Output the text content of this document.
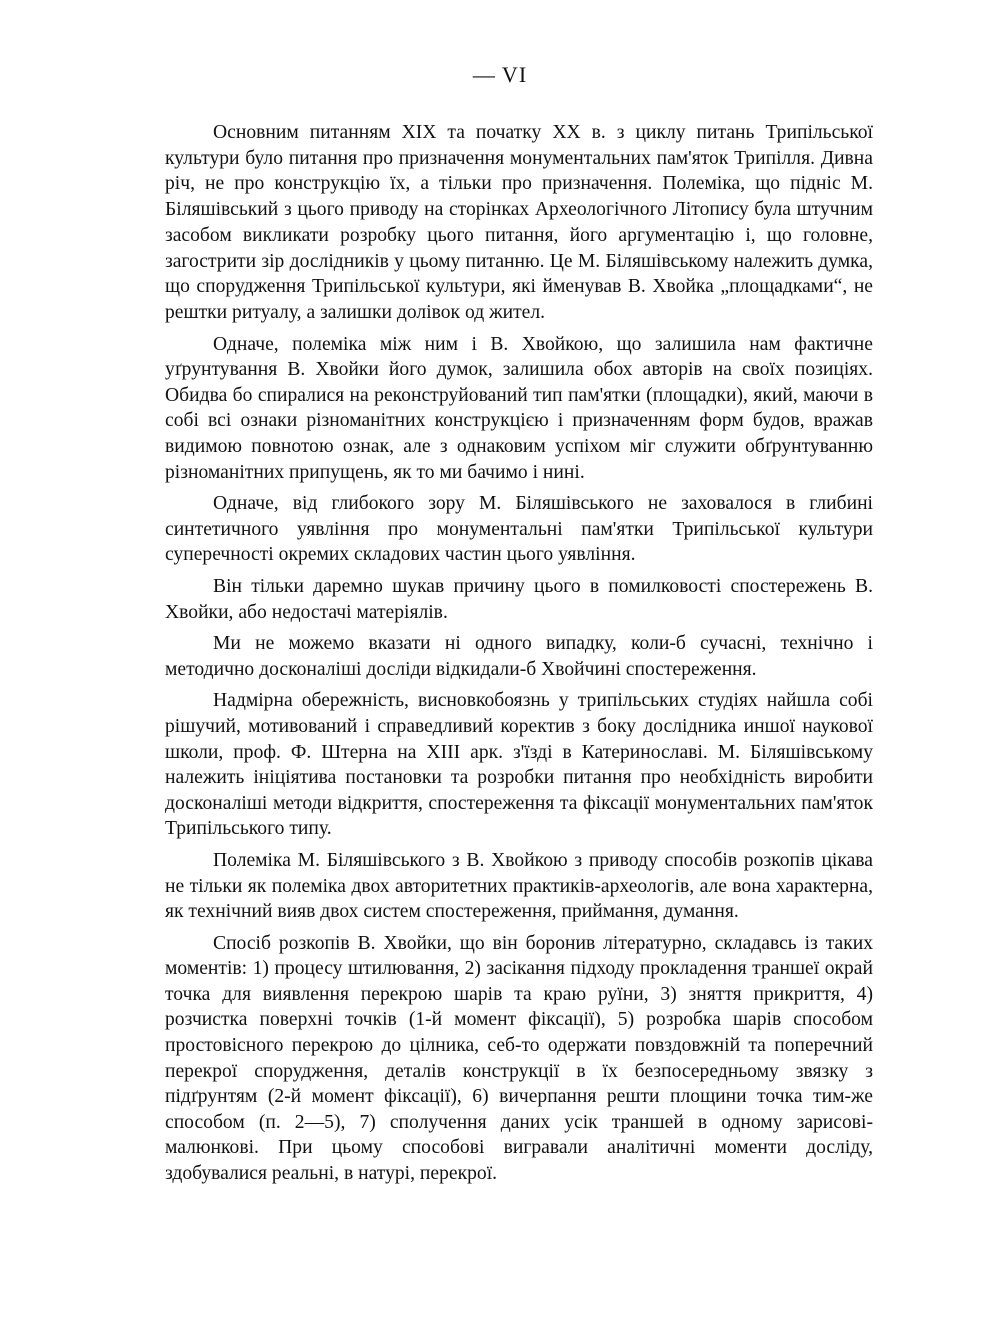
— VI

Основним питанням XIX та початку XX в. з циклу питань Трипільської культури було питання про призначення монументальних пам'яток Трипілля. Дивна річ, не про конструкцію їх, а тільки про призначення. Полеміка, що підніс М. Біляшівський з цього приводу на сторінках Археологічного Літопису була штучним засобом викликати розробку цього питання, його аргументацію і, що головне, загострити зір дослідників у цьому питанню. Це М. Біляшівському належить думка, що спорудження Трипільської культури, які йменував В. Хвойка „площадками“, не рештки ритуалу, а залишки долівок од жител.

Одначе, полеміка між ним і В. Хвойкою, що залишила нам фактичне уґрунтування В. Хвойки його думок, залишила обох авторів на своїх позиціях. Обидва бо спиралися на реконструйований тип пам'ятки (площадки), який, маючи в собі всі ознаки різноманітних конструкцією і призначенням форм будов, вражав видимою повнотою ознак, але з однаковим успіхом міг служити обґрунтуванню різноманітних припущень, як то ми бачимо і нині.

Одначе, від глибокого зору М. Біляшівського не заховалося в глибині синтетичного уявління про монументальні пам'ятки Трипільської культури суперечності окремих складових частин цього уявління.

Він тільки даремно шукав причину цього в помилковості спостережень В. Хвойки, або недостачі матеріялів.

Ми не можемо вказати ні одного випадку, коли-б сучасні, технічно і методично досконаліші досліди відкидали-б Хвойчині спостереження.

Надмірна обережність, висновкобоязнь у трипільських студіях найшла собі рішучий, мотивований і справедливий коректив з боку дослідника иншої наукової школи, проф. Ф. Штерна на XIII арк. з'їзді в Катеринославі. М. Біляшівському належить ініціятива постановки та розробки питання про необхідність виробити досконаліші методи відкриття, спостереження та фіксації монументальних пам'яток Трипільського типу.

Полеміка М. Біляшівського з В. Хвойкою з приводу способів розкопів цікава не тільки як полеміка двох авторитетних практиків-археологів, але вона характерна, як технічний вияв двох систем спостереження, приймання, думання.

Спосіб розкопів В. Хвойки, що він боронив літературно, складавсь із таких моментів: 1) процесу штилювання, 2) засікання підходу прокладення траншеї окрай точка для виявлення перекрою шарів та краю руїни, 3) зняття прикриття, 4) розчистка поверхні точків (1-й момент фіксації), 5) розробка шарів способом простовісного перекрою до цілника, себ-то одержати повздовжній та поперечний перекрої спорудження, деталів конструкції в їх безпосередньому звязку з підґрунтям (2-й момент фіксації), 6) вичерпання решти площини точка тим-же способом (п. 2—5), 7) сполучення даних усік траншей в одному зарисові-малюнкові. При цьому способові вигравали аналітичні моменти досліду, здобувалися реальні, в натурі, перекрої.
